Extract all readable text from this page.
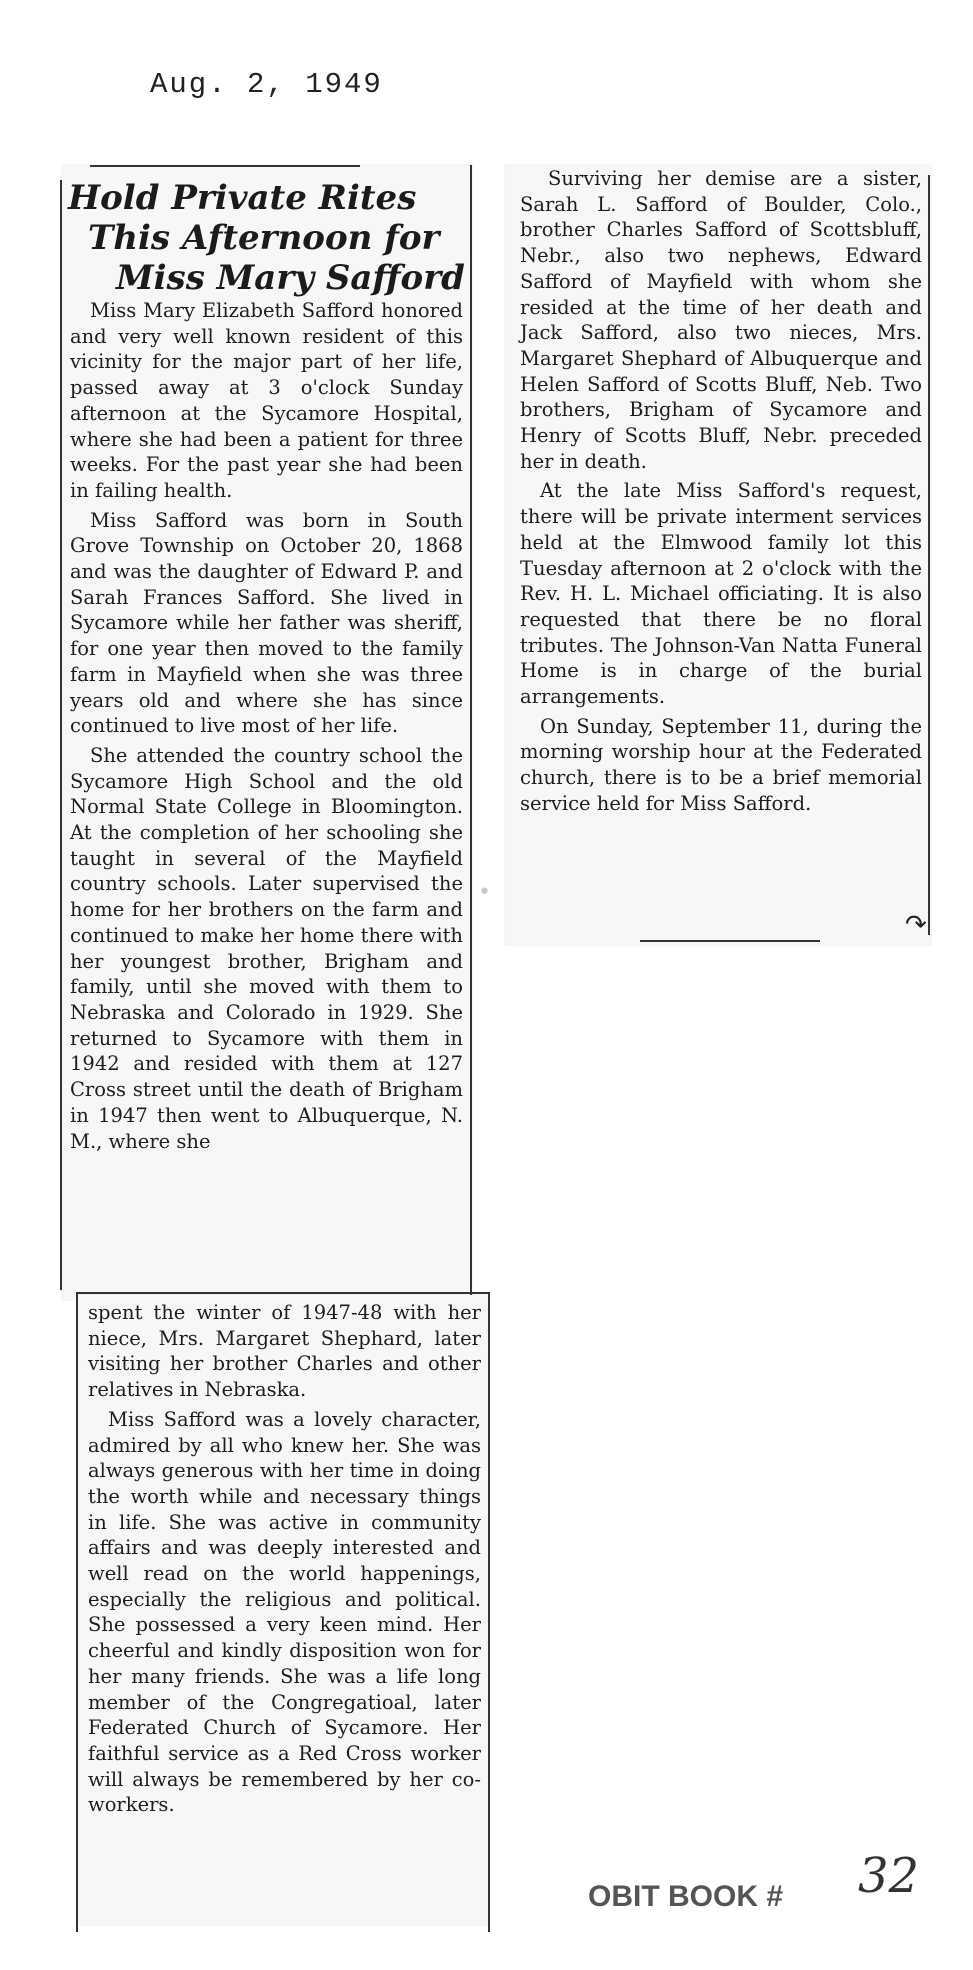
Aug. 2, 1949
Hold Private Rites
This Afternoon for
Miss Mary Safford

Miss Mary Elizabeth Safford honored and very well known resident of this vicinity for the major part of her life, passed away at 3 o'clock Sunday afternoon at the Sycamore Hospital, where she had been a patient for three weeks. For the past year she had been in failing health.

Miss Safford was born in South Grove Township on October 20, 1868 and was the daughter of Edward P. and Sarah Frances Safford. She lived in Sycamore while her father was sheriff, for one year then moved to the family farm in Mayfield when she was three years old and where she has since continued to live most of her life.

She attended the country school the Sycamore High School and the old Normal State College in Bloomington. At the completion of her schooling she taught in several of the Mayfield country schools. Later supervised the home for her brothers on the farm and continued to make her home there with her youngest brother, Brigham and family, until she moved with them to Nebraska and Colorado in 1929. She returned to Sycamore with them in 1942 and resided with them at 127 Cross street until the death of Brigham in 1947 then went to Albuquerque, N. M., where she

spent the winter of 1947-48 with her niece, Mrs. Margaret Shephard, later visiting her brother Charles and other relatives in Nebraska.

Miss Safford was a lovely character, admired by all who knew her. She was always generous with her time in doing the worth while and necessary things in life. She was active in community affairs and was deeply interested and well read on the world happenings, especially the religious and political. She possessed a very keen mind. Her cheerful and kindly disposition won for her many friends. She was a life long member of the Congregatioal, later Federated Church of Sycamore. Her faithful service as a Red Cross worker will always be remembered by her co-workers.

Surviving her demise are a sister, Sarah L. Safford of Boulder, Colo., brother Charles Safford of Scottsbluff, Nebr., also two nephews, Edward Safford of Mayfield with whom she resided at the time of her death and Jack Safford, also two nieces, Mrs. Margaret Shephard of Albuquerque and Helen Safford of Scotts Bluff, Neb. Two brothers, Brigham of Sycamore and Henry of Scotts Bluff, Nebr. preceded her in death.

At the late Miss Safford's request, there will be private interment services held at the Elmwood family lot this Tuesday afternoon at 2 o'clock with the Rev. H. L. Michael officiating. It is also requested that there be no floral tributes. The Johnson-Van Natta Funeral Home is in charge of the burial arrangements.

On Sunday, September 11, during the morning worship hour at the Federated church, there is to be a brief memorial service held for Miss Safford.

↷
•
OBIT BOOK # 32
